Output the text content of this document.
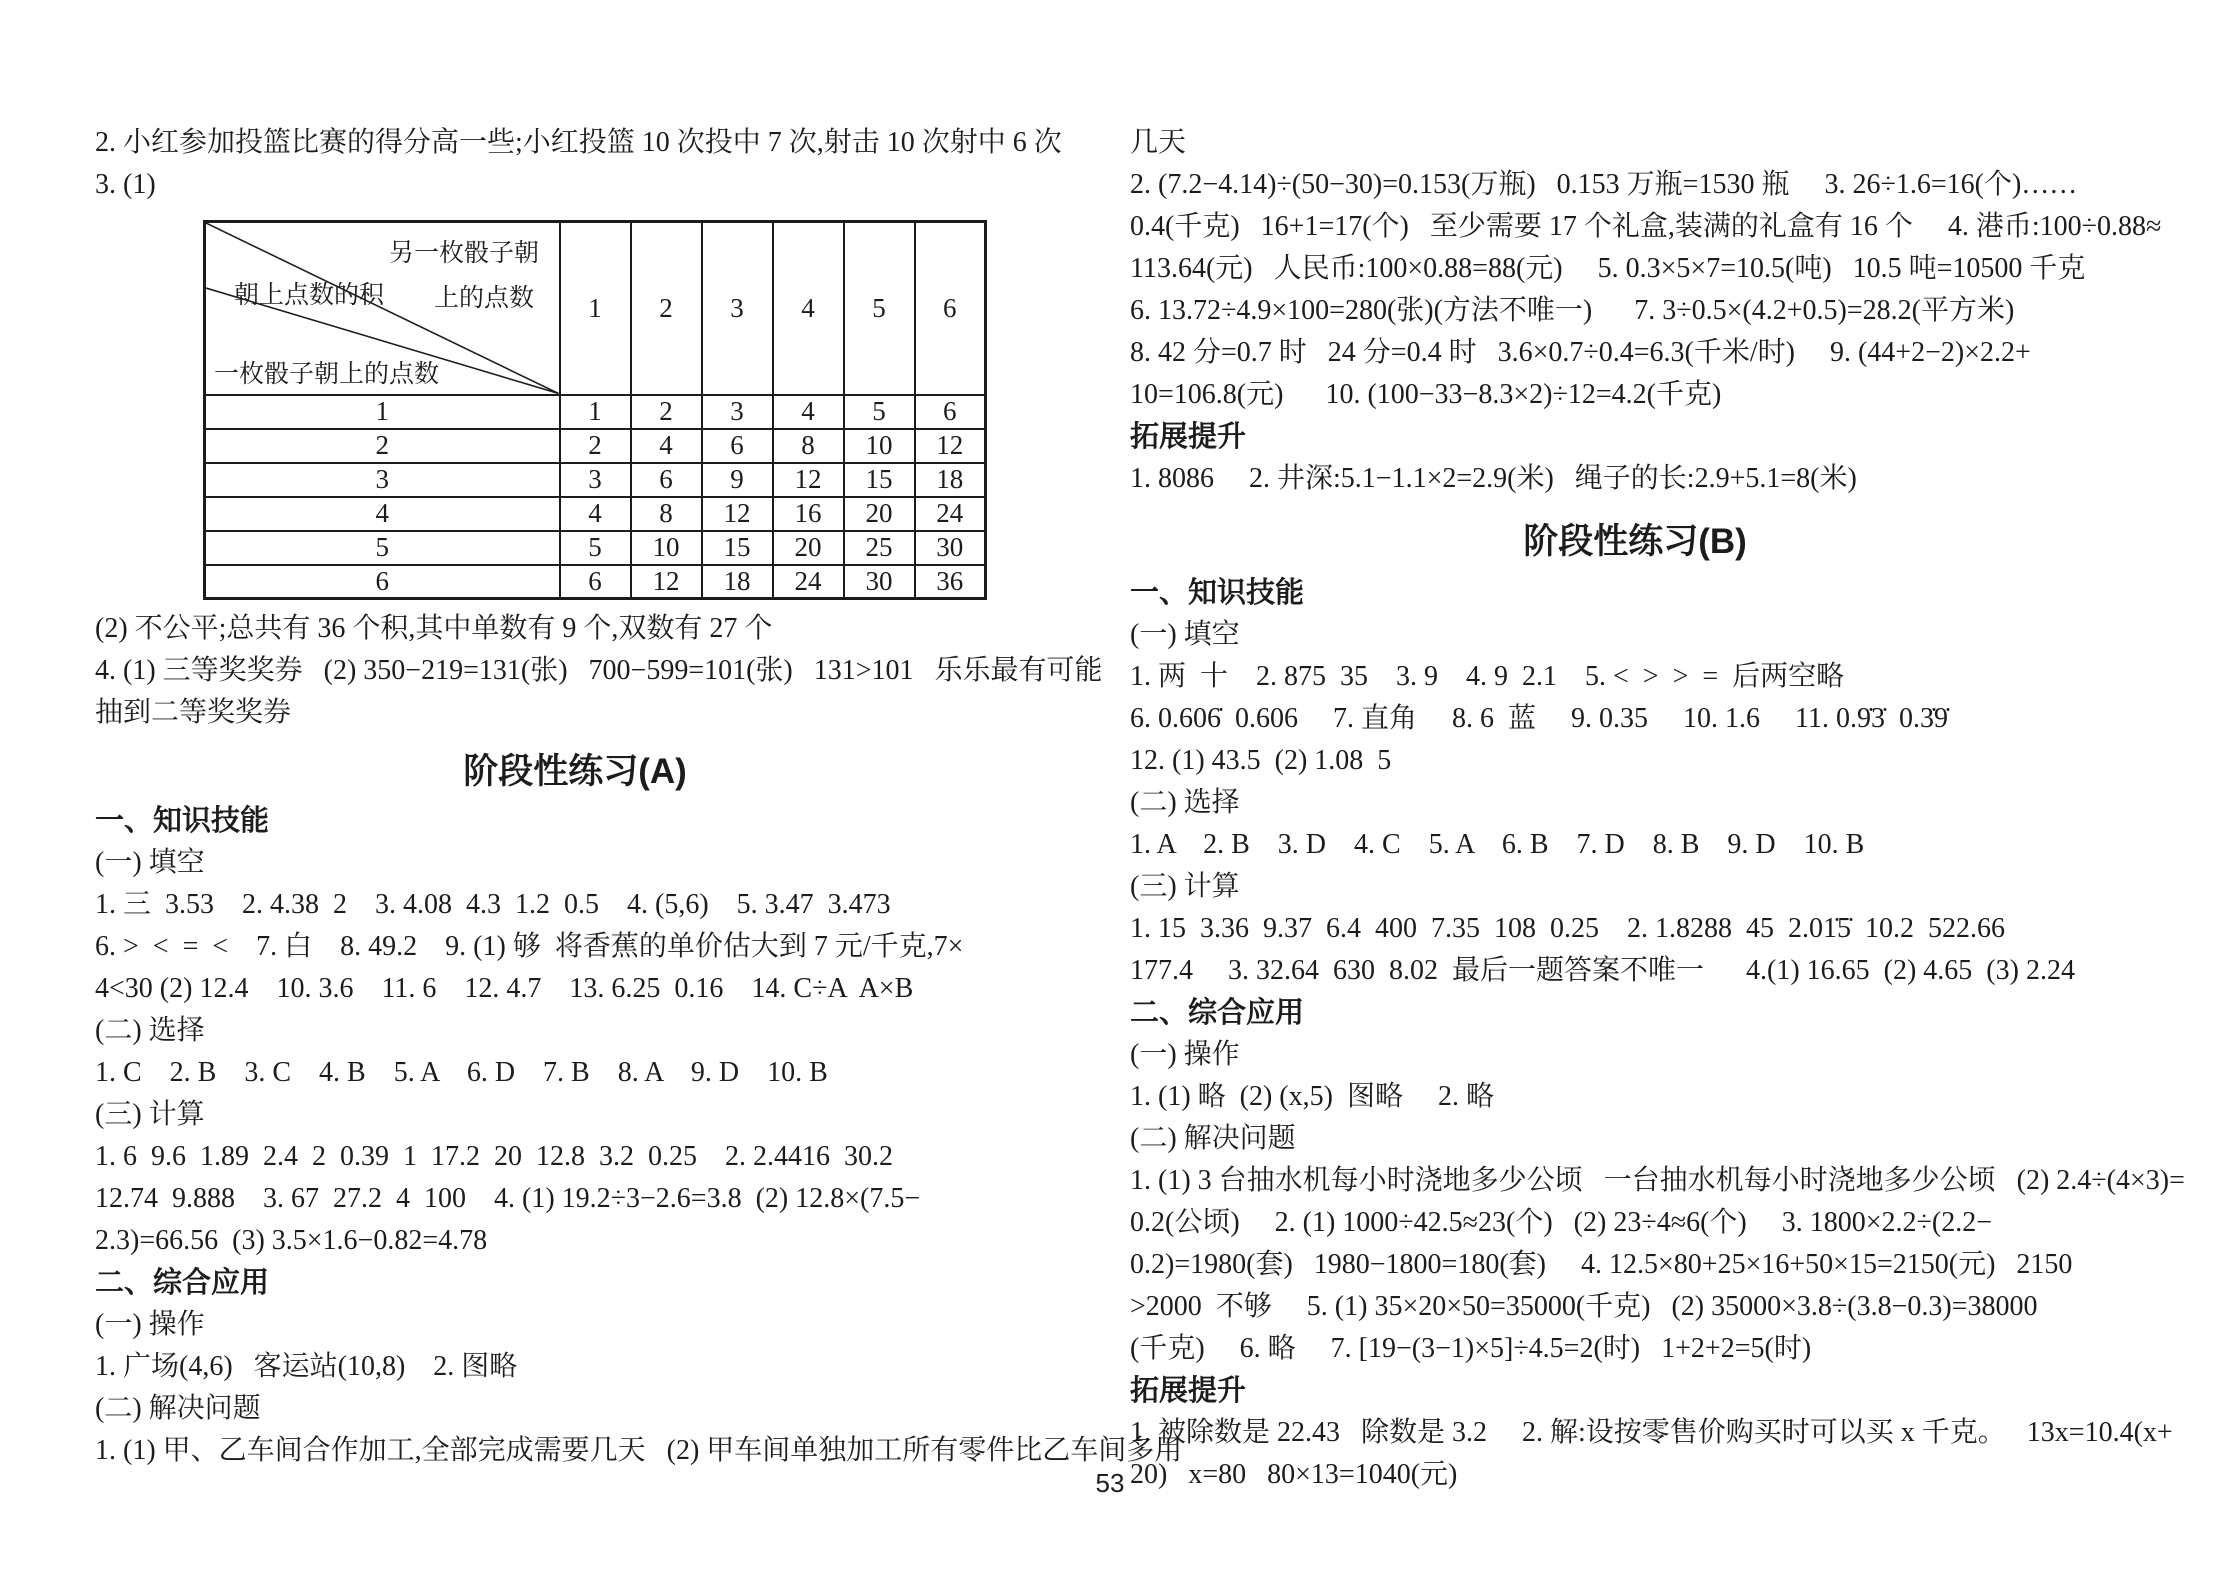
2. 小红参加投篮比赛的得分高一些;小红投篮 10 次投中 7 次,射击 10 次射中 6 次
3. (1)
另一枚骰子朝
上的点数
朝上点数的积
一枚骰子朝上的点数	1	2	3	4	5	6
1	1	2	3	4	5	6
2	2	4	6	8	10	12
3	3	6	9	12	15	18
4	4	8	12	16	20	24
5	5	10	15	20	25	30
6	6	12	18	24	30	36
(2) 不公平;总共有 36 个积,其中单数有 9 个,双数有 27 个
4. (1) 三等奖奖券   (2) 350−219=131(张)   700−599=101(张)   131>101   乐乐最有可能
抽到二等奖奖券
阶段性练习(A)
一、知识技能
(一) 填空
1. 三  3.53    2. 4.38  2    3. 4.08  4.3  1.2  0.5    4. (5,6)    5. 3.47  3.473
6. >  <  =  <    7. 白    8. 49.2    9. (1) 够  将香蕉的单价估大到 7 元/千克,7×
4<30 (2) 12.4    10. 3.6    11. 6    12. 4.7    13. 6.25  0.16    14. C÷A  A×B
(二) 选择
1. C    2. B    3. C    4. B    5. A    6. D    7. B    8. A    9. D    10. B
(三) 计算
1. 6  9.6  1.89  2.4  2  0.39  1  17.2  20  12.8  3.2  0.25    2. 2.4416  30.2
12.74  9.888    3. 67  27.2  4  100    4. (1) 19.2÷3−2.6=3.8  (2) 12.8×(7.5−
2.3)=66.56  (3) 3.5×1.6−0.82=4.78
二、综合应用
(一) 操作
1. 广场(4,6)   客运站(10,8)    2. 图略
(二) 解决问题
1. (1) 甲、乙车间合作加工,全部完成需要几天   (2) 甲车间单独加工所有零件比乙车间多用
几天
2. (7.2−4.14)÷(50−30)=0.153(万瓶)   0.153 万瓶=1530 瓶     3. 26÷1.6=16(个)……
0.4(千克)   16+1=17(个)   至少需要 17 个礼盒,装满的礼盒有 16 个     4. 港币:100÷0.88≈
113.64(元)   人民币:100×0.88=88(元)     5. 0.3×5×7=10.5(吨)   10.5 吨=10500 千克
6. 13.72÷4.9×100=280(张)(方法不唯一)      7. 3÷0.5×(4.2+0.5)=28.2(平方米)
8. 42 分=0.7 时   24 分=0.4 时   3.6×0.7÷0.4=6.3(千米/时)     9. (44+2−2)×2.2+
10=106.8(元)      10. (100−33−8.3×2)÷12=4.2(千克)
拓展提升
1. 8086     2. 井深:5.1−1.1×2=2.9(米)   绳子的长:2.9+5.1=8(米)
阶段性练习(B)
一、知识技能
(一) 填空
1. 两  十    2. 875  35    3. 9    4. 9  2.1    5. <  >  >  =  后两空略
6. 0.606̇  0.606     7. 直角     8. 6  蓝     9. 0.35     10. 1.6     11. 0.9̇3̇  0.3̇9̇
12. (1) 43.5  (2) 1.08  5
(二) 选择
1. A    2. B    3. D    4. C    5. A    6. B    7. D    8. B    9. D    10. B
(三) 计算
1. 15  3.36  9.37  6.4  400  7.35  108  0.25    2. 1.8288  45  2.01̇5̇  10.2  522.66
177.4     3. 32.64  630  8.02  最后一题答案不唯一      4.(1) 16.65  (2) 4.65  (3) 2.24
二、综合应用
(一) 操作
1. (1) 略  (2) (x,5)  图略     2. 略
(二) 解决问题
1. (1) 3 台抽水机每小时浇地多少公顷   一台抽水机每小时浇地多少公顷   (2) 2.4÷(4×3)=
0.2(公顷)     2. (1) 1000÷42.5≈23(个)   (2) 23÷4≈6(个)     3. 1800×2.2÷(2.2−
0.2)=1980(套)   1980−1800=180(套)     4. 12.5×80+25×16+50×15=2150(元)   2150
>2000  不够     5. (1) 35×20×50=35000(千克)   (2) 35000×3.8÷(3.8−0.3)=38000
(千克)     6. 略     7. [19−(3−1)×5]÷4.5=2(时)   1+2+2=5(时)
拓展提升
1. 被除数是 22.43   除数是 3.2     2. 解:设按零售价购买时可以买 x 千克。   13x=10.4(x+
20)   x=80   80×13=1040(元)
53
